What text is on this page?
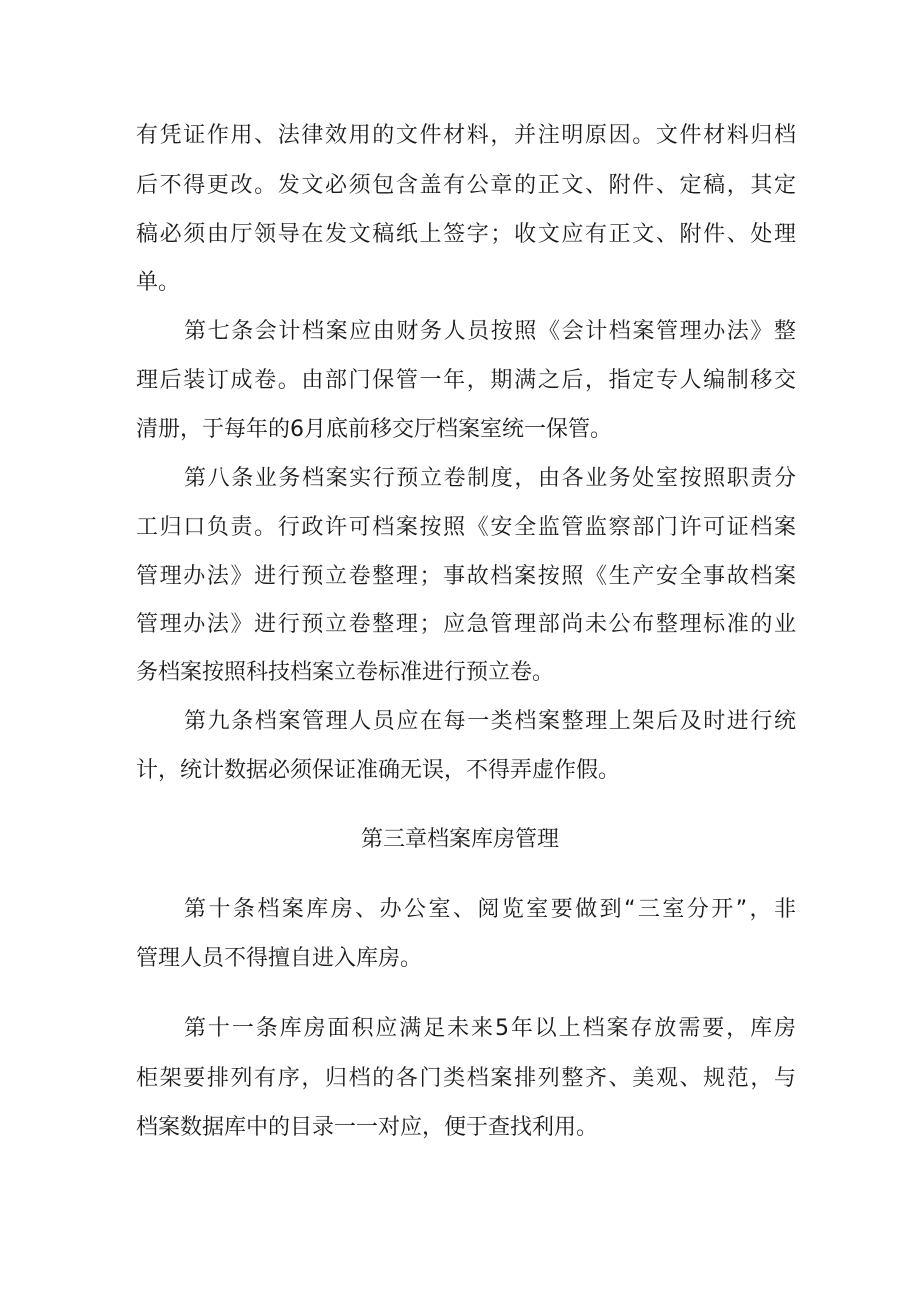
有凭证作用、法律效用的文件材料，并注明原因。文件材料归档
后不得更改。发文必须包含盖有公章的正文、附件、定稿，其定
稿必须由厅领导在发文稿纸上签字；收文应有正文、附件、处理
单。
第七条会计档案应由财务人员按照《会计档案管理办法》整
理后装订成卷。由部门保管一年，期满之后，指定专人编制移交
清册，于每年的6月底前移交厅档案室统一保管。
第八条业务档案实行预立卷制度，由各业务处室按照职责分
工归口负责。行政许可档案按照《安全监管监察部门许可证档案
管理办法》进行预立卷整理；事故档案按照《生产安全事故档案
管理办法》进行预立卷整理；应急管理部尚未公布整理标准的业
务档案按照科技档案立卷标准进行预立卷。
第九条档案管理人员应在每一类档案整理上架后及时进行统
计，统计数据必须保证准确无误，不得弄虚作假。
第三章档案库房管理
第十条档案库房、办公室、阅览室要做到“三室分开”，非
管理人员不得擅自进入库房。
第十一条库房面积应满足未来5年以上档案存放需要，库房
柜架要排列有序，归档的各门类档案排列整齐、美观、规范，与
档案数据库中的目录一一对应，便于查找利用。
